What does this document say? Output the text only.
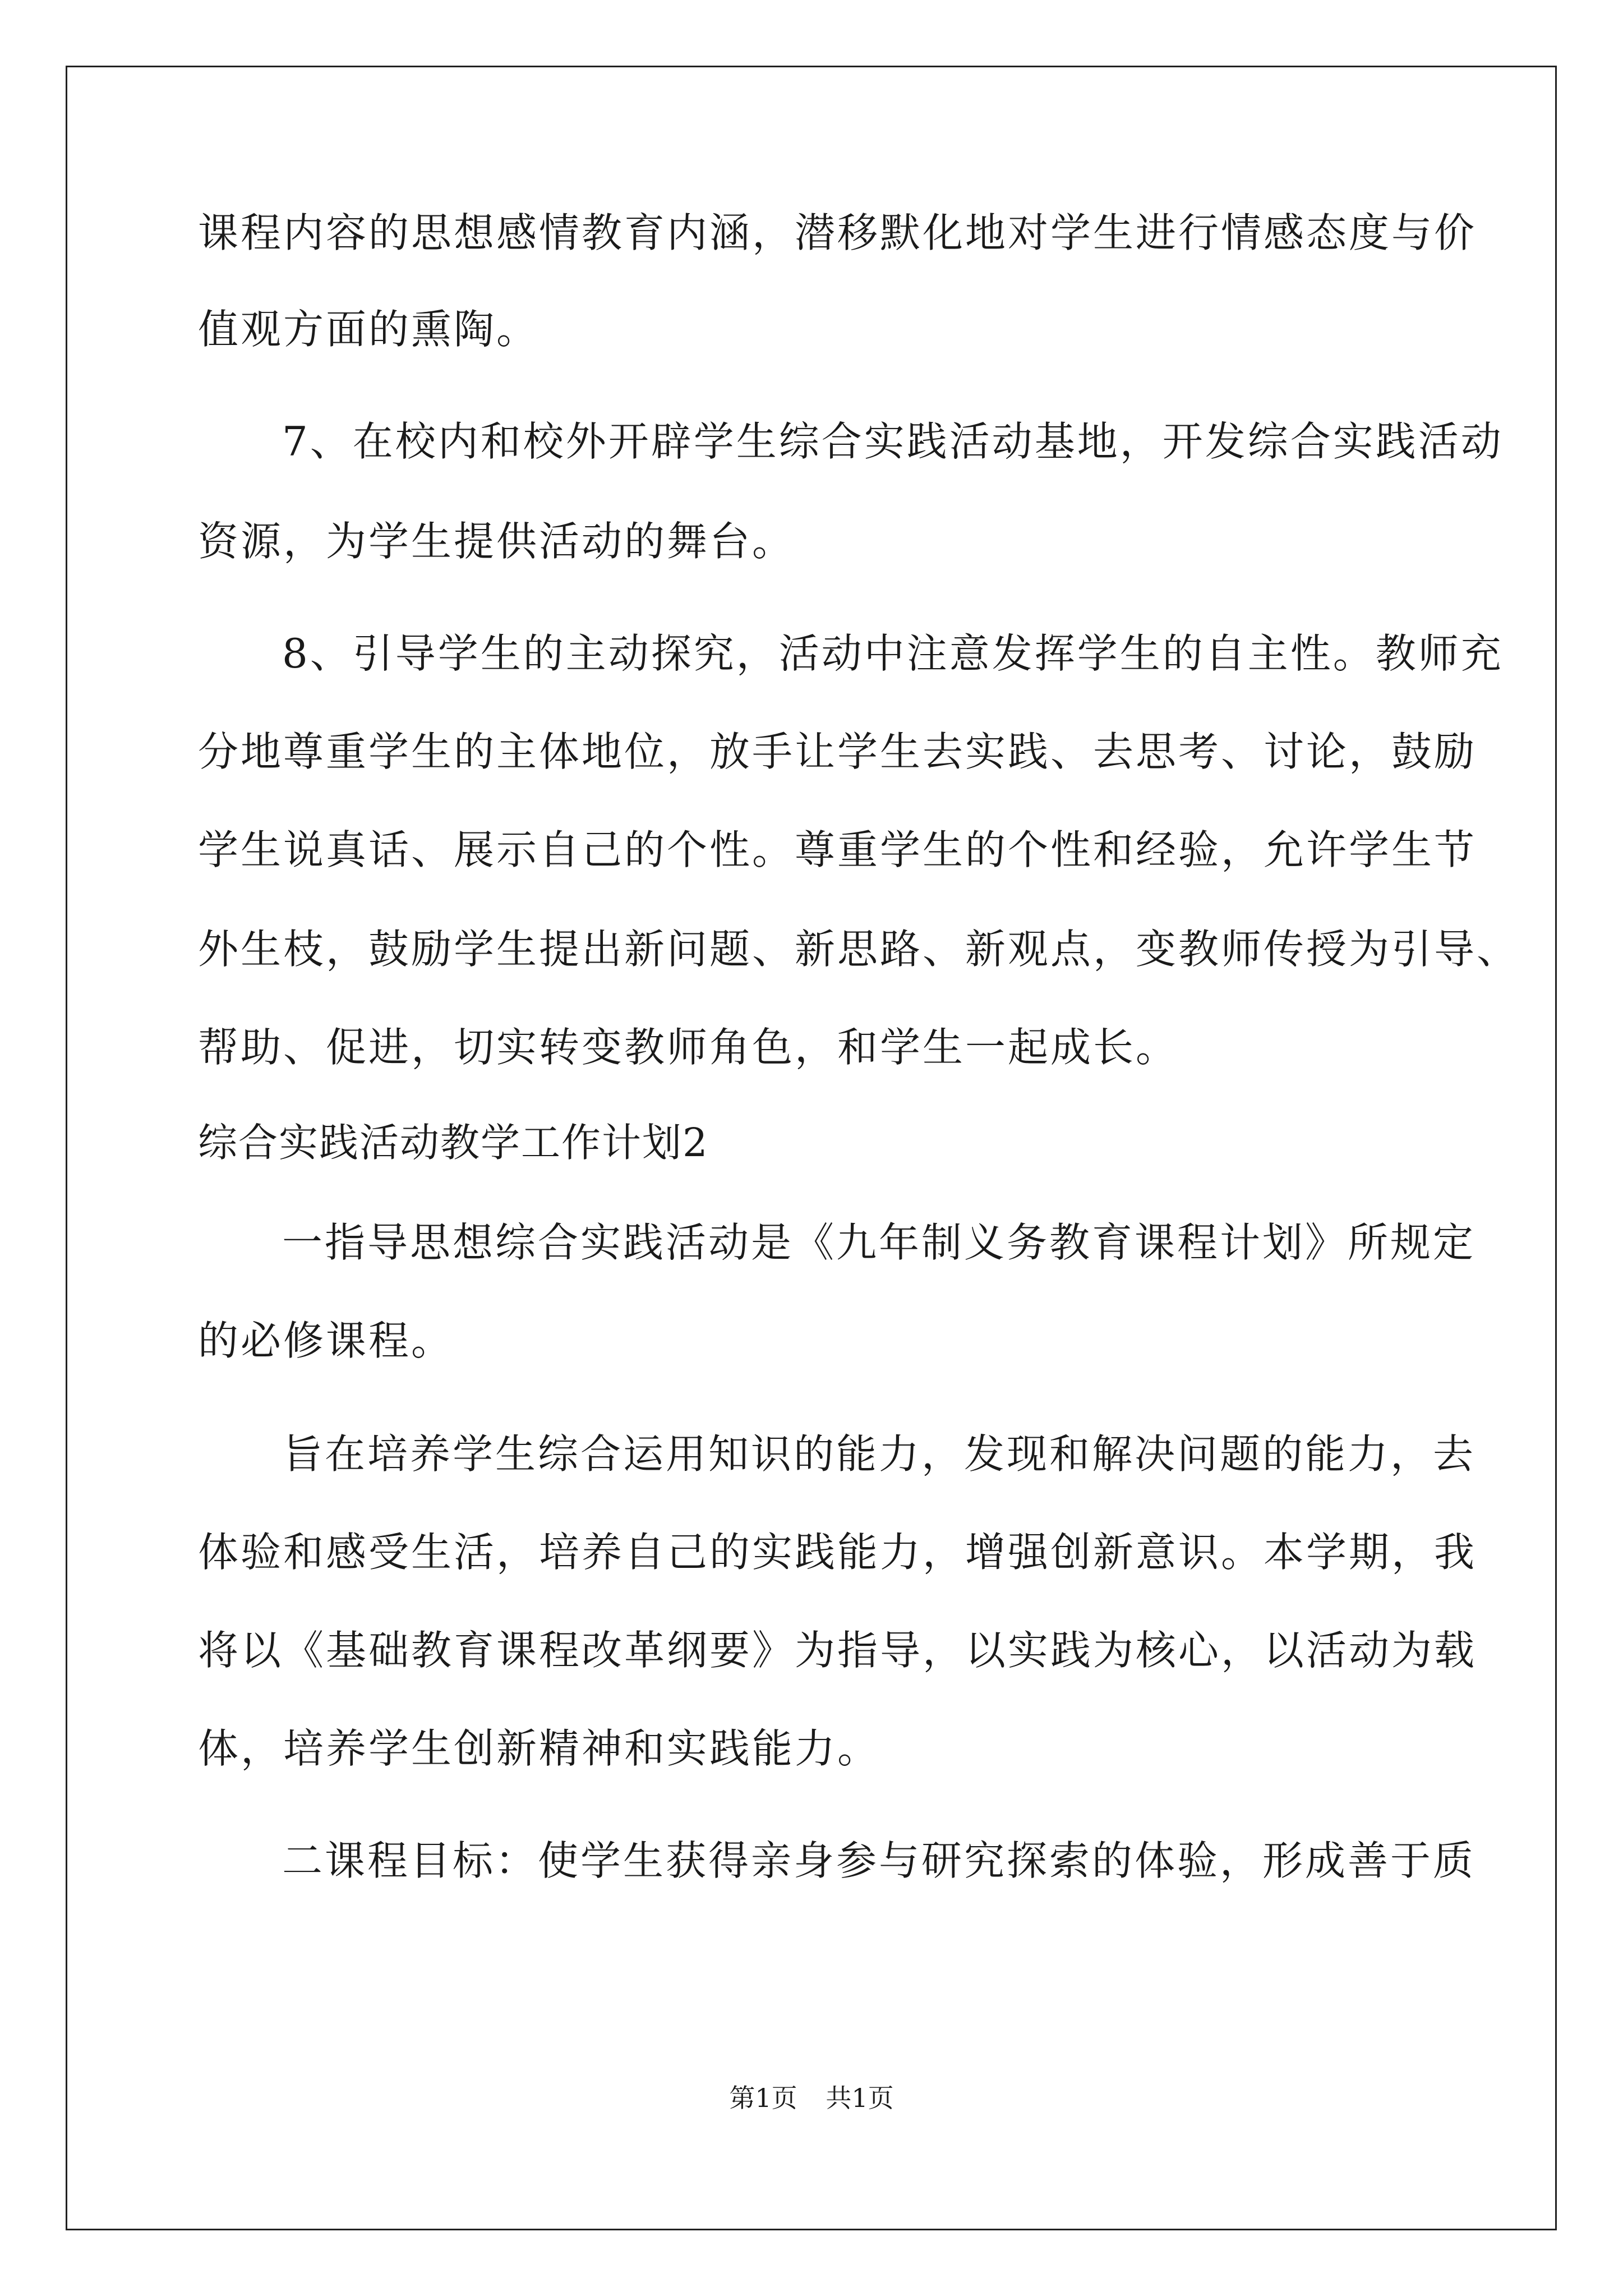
课程内容的思想感情教育内涵，潜移默化地对学生进行情感态度与价
值观方面的熏陶。
7、在校内和校外开辟学生综合实践活动基地，开发综合实践活动
资源，为学生提供活动的舞台。
8、引导学生的主动探究，活动中注意发挥学生的自主性。教师充
分地尊重学生的主体地位，放手让学生去实践、去思考、讨论，鼓励
学生说真话、展示自己的个性。尊重学生的个性和经验，允许学生节
外生枝，鼓励学生提出新问题、新思路、新观点，变教师传授为引导、
帮助、促进，切实转变教师角色，和学生一起成长。
综合实践活动教学工作计划2
一指导思想综合实践活动是《九年制义务教育课程计划》所规定
的必修课程。
旨在培养学生综合运用知识的能力，发现和解决问题的能力，去
体验和感受生活，培养自己的实践能力，增强创新意识。本学期，我
将以《基础教育课程改革纲要》为指导，以实践为核心，以活动为载
体，培养学生创新精神和实践能力。
二课程目标：使学生获得亲身参与研究探索的体验，形成善于质
第1页 共1页
